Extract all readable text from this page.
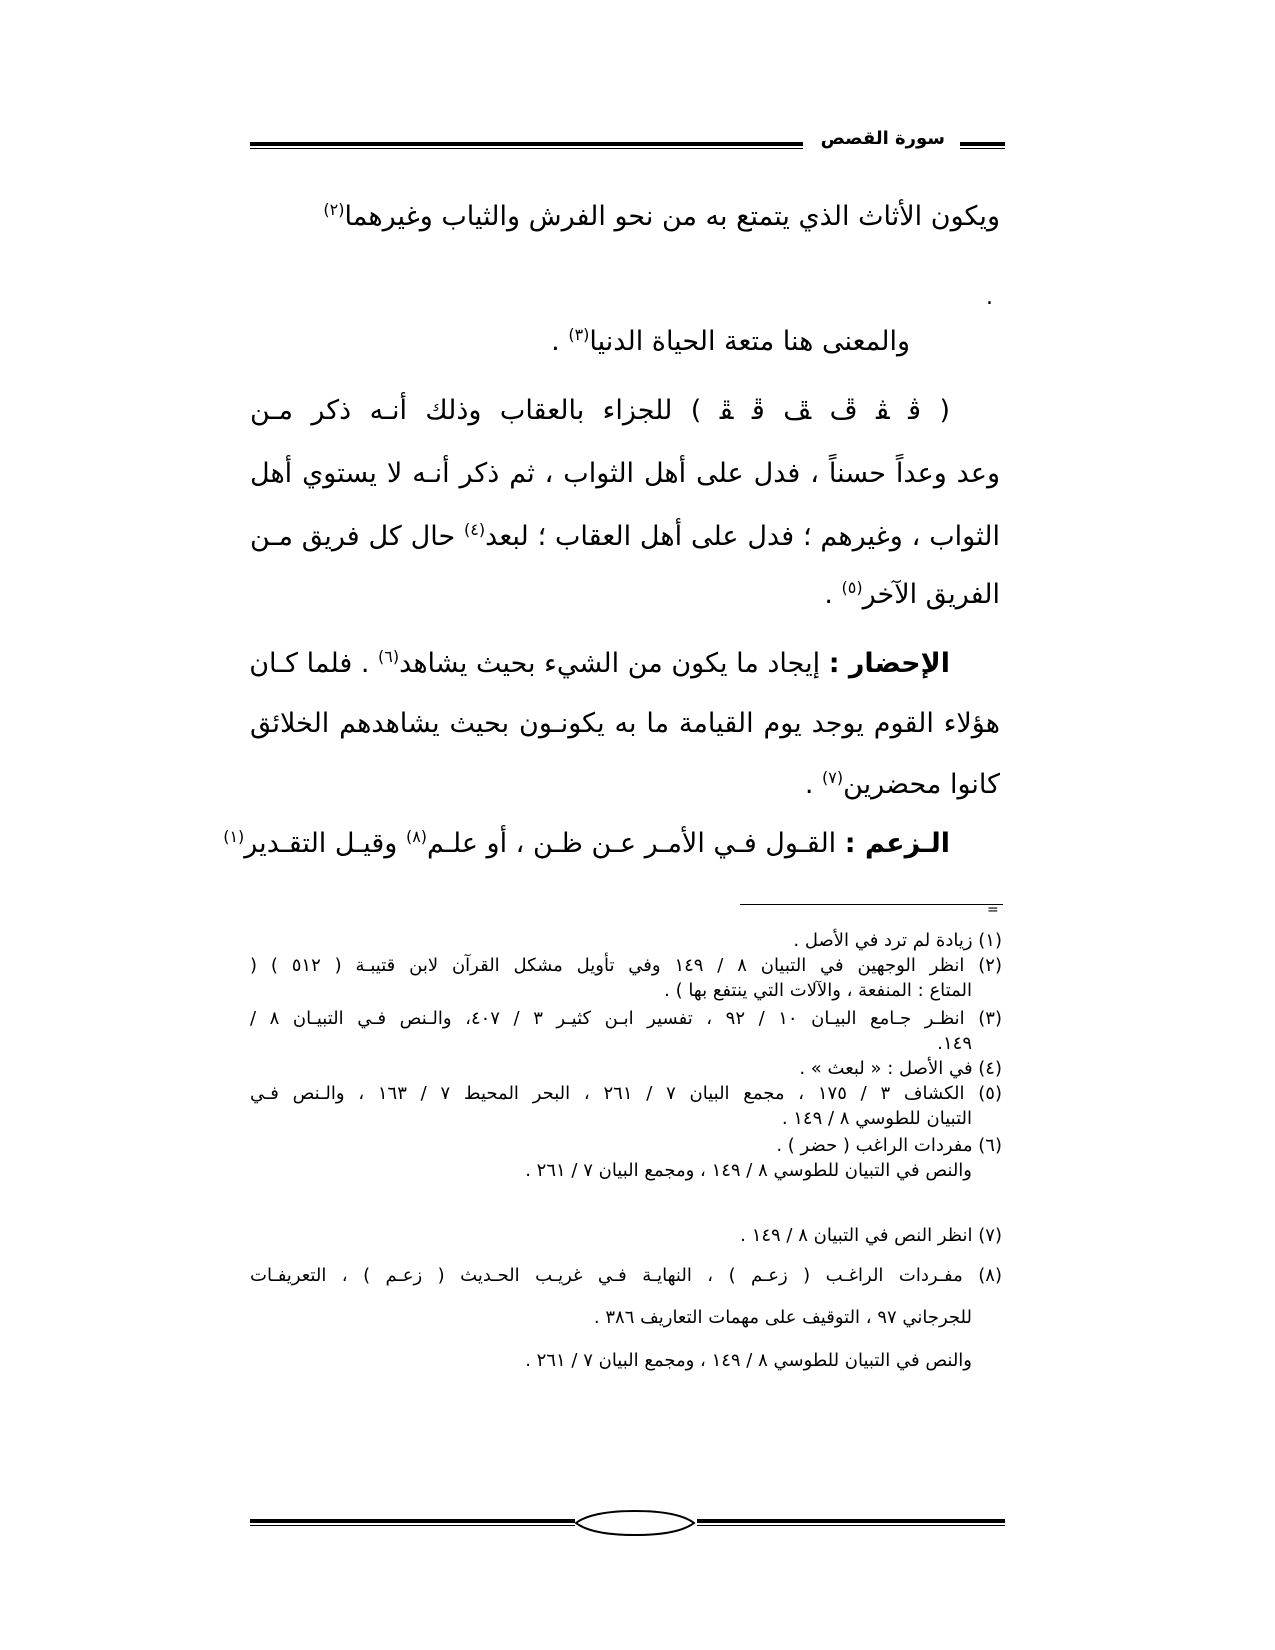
سورة القصص
ويكون الأثاث الذي يتمتع به من نحو الفرش والثياب وغيرهما$^{(٢)}$
.
والمعنى هنا متعة الحياة الدنيا$^{(٣)}$ .
( ﭬ ﭭ ﭮ ﭯ ﭰ ﭱ ) للجزاء بالعقاب وذلك أنـه ذكر مـن
وعد وعداً حسناً ، فدل على أهل الثواب ، ثم ذكر أنـه لا يستوي أهل
الثواب ، وغيرهم ؛ فدل على أهل العقاب ؛ لبعد$^{(٤)}$ حال كل فريق مـن
الفريق الآخر$^{(٥)}$ .
الإحضار : إيجاد ما يكون من الشيء بحيث يشاهد$^{(٦)}$ . فلما كـان
هؤلاء القوم يوجد يوم القيامة ما به يكونـون بحيث يشاهدهم الخلائق
كانوا محضرين$^{(٧)}$ .
الـزعم : القـول فـي الأمـر عـن ظـن ، أو علـم$^{(٨)}$ وقيـل التقـدير$^{(١)}$
=
(١) زيادة لم ترد في الأصل .
(٢) انظر الوجهين في التبيان ٨ / ١٤٩ وفي تأويل مشكل القرآن لابن قتيبـة ( ٥١٢ ) (
المتاع : المنفعة ، والآلات التي ينتفع بها ) .
(٣) انظـر جـامع البيـان ١٠ / ٩٢ ، تفسير ابـن كثيـر ٣ / ٤٠٧، والـنص فـي التبيـان ٨ /
١٤٩.
(٤) في الأصل : « لبعث » .
(٥) الكشاف ٣ / ١٧٥ ، مجمع البيان ٧ / ٢٦١ ، البحر المحيط ٧ / ١٦٣ ، والـنص فـي
التبيان للطوسي ٨ / ١٤٩ .
(٦) مفردات الراغب ( حضر ) .
والنص في التبيان للطوسي ٨ / ١٤٩ ، ومجمع البيان ٧ / ٢٦١ .
(٧) انظر النص في التبيان ٨ / ١٤٩ .
(٨) مفـردات الراغـب ( زعـم ) ، النهايـة فـي غريـب الحـديث ( زعـم ) ، التعريفـات
للجرجاني ٩٧ ، التوقيف على مهمات التعاريف ٣٨٦ .
والنص في التبيان للطوسي ٨ / ١٤٩ ، ومجمع البيان ٧ / ٢٦١ .
